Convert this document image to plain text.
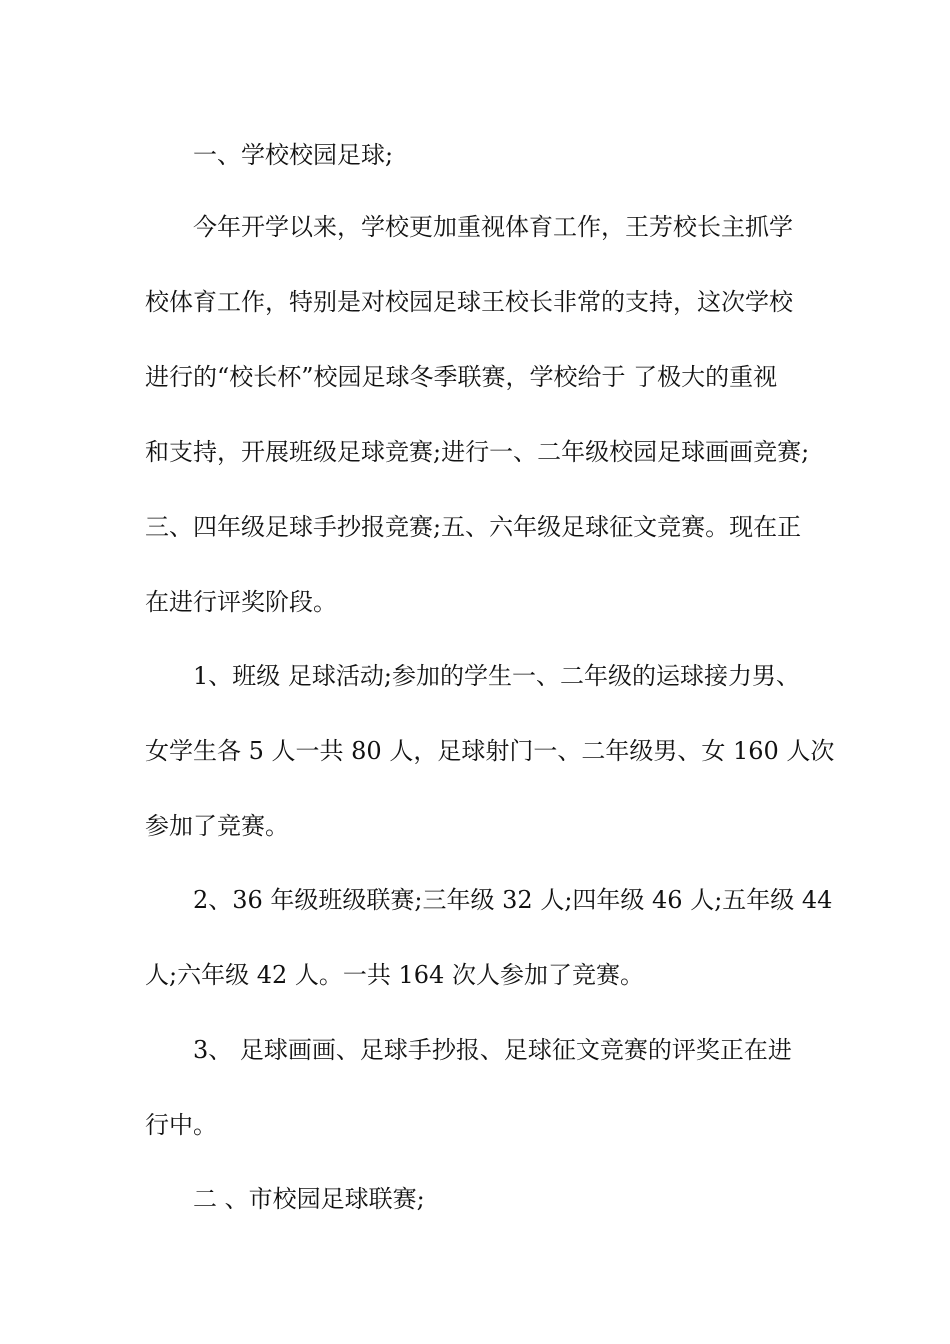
一、学校校园足球;
今年开学以来，学校更加重视体育工作，王芳校长主抓学
校体育工作，特别是对校园足球王校长非常的支持，这次学校
进行的“校长杯”校园足球冬季联赛，学校给于 了极大的重视
和支持，开展班级足球竞赛;进行一、二年级校园足球画画竞赛;
三、四年级足球手抄报竞赛;五、六年级足球征文竞赛。现在正
在进行评奖阶段。
1、班级 足球活动;参加的学生一、二年级的运球接力男、
女学生各 5 人一共 80 人，足球射门一、二年级男、女 160 人次
参加了竞赛。
2、36 年级班级联赛;三年级 32 人;四年级 46 人;五年级 44
人;六年级 42 人。一共 164 次人参加了竞赛。
3、 足球画画、足球手抄报、足球征文竞赛的评奖正在进
行中。
二 、市校园足球联赛;
